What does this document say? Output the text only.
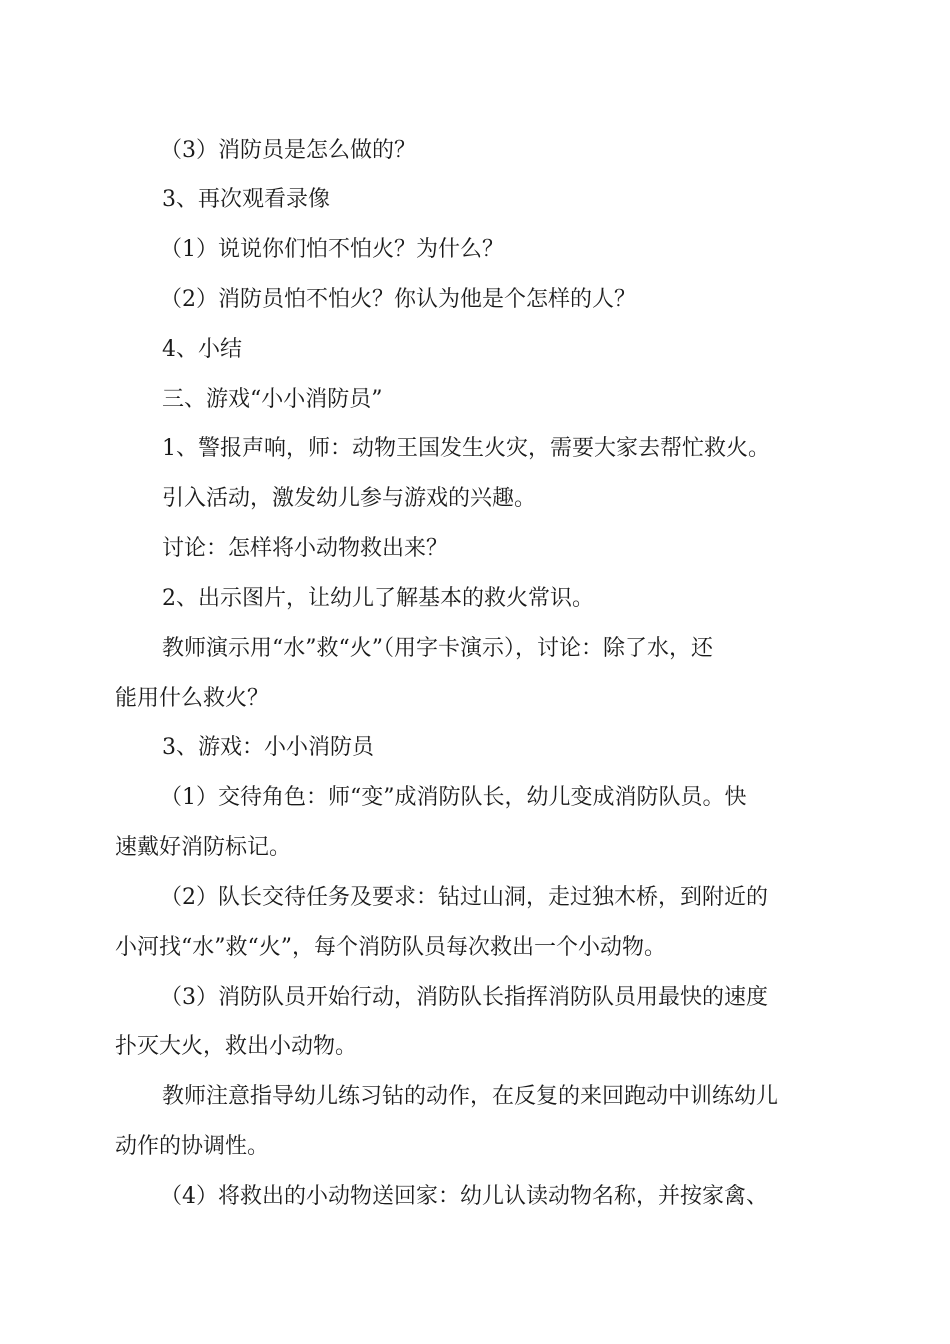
（3）消防员是怎么做的？
3、再次观看录像
（1）说说你们怕不怕火？为什么？
（2）消防员怕不怕火？你认为他是个怎样的人？
4、小结
三、游戏“小小消防员”
1、警报声响，师：动物王国发生火灾，需要大家去帮忙救火。
引入活动，激发幼儿参与游戏的兴趣。
讨论：怎样将小动物救出来？
2、出示图片，让幼儿了解基本的救火常识。
教师演示用“水”救“火”（用字卡演示），讨论：除了水，还
能用什么救火？
3、游戏：小小消防员
（1）交待角色：师“变”成消防队长，幼儿变成消防队员。快
速戴好消防标记。
（2）队长交待任务及要求：钻过山洞，走过独木桥，到附近的
小河找“水”救“火”，每个消防队员每次救出一个小动物。
（3）消防队员开始行动，消防队长指挥消防队员用最快的速度
扑灭大火，救出小动物。
教师注意指导幼儿练习钻的动作，在反复的来回跑动中训练幼儿
动作的协调性。
（4）将救出的小动物送回家：幼儿认读动物名称，并按家禽、
